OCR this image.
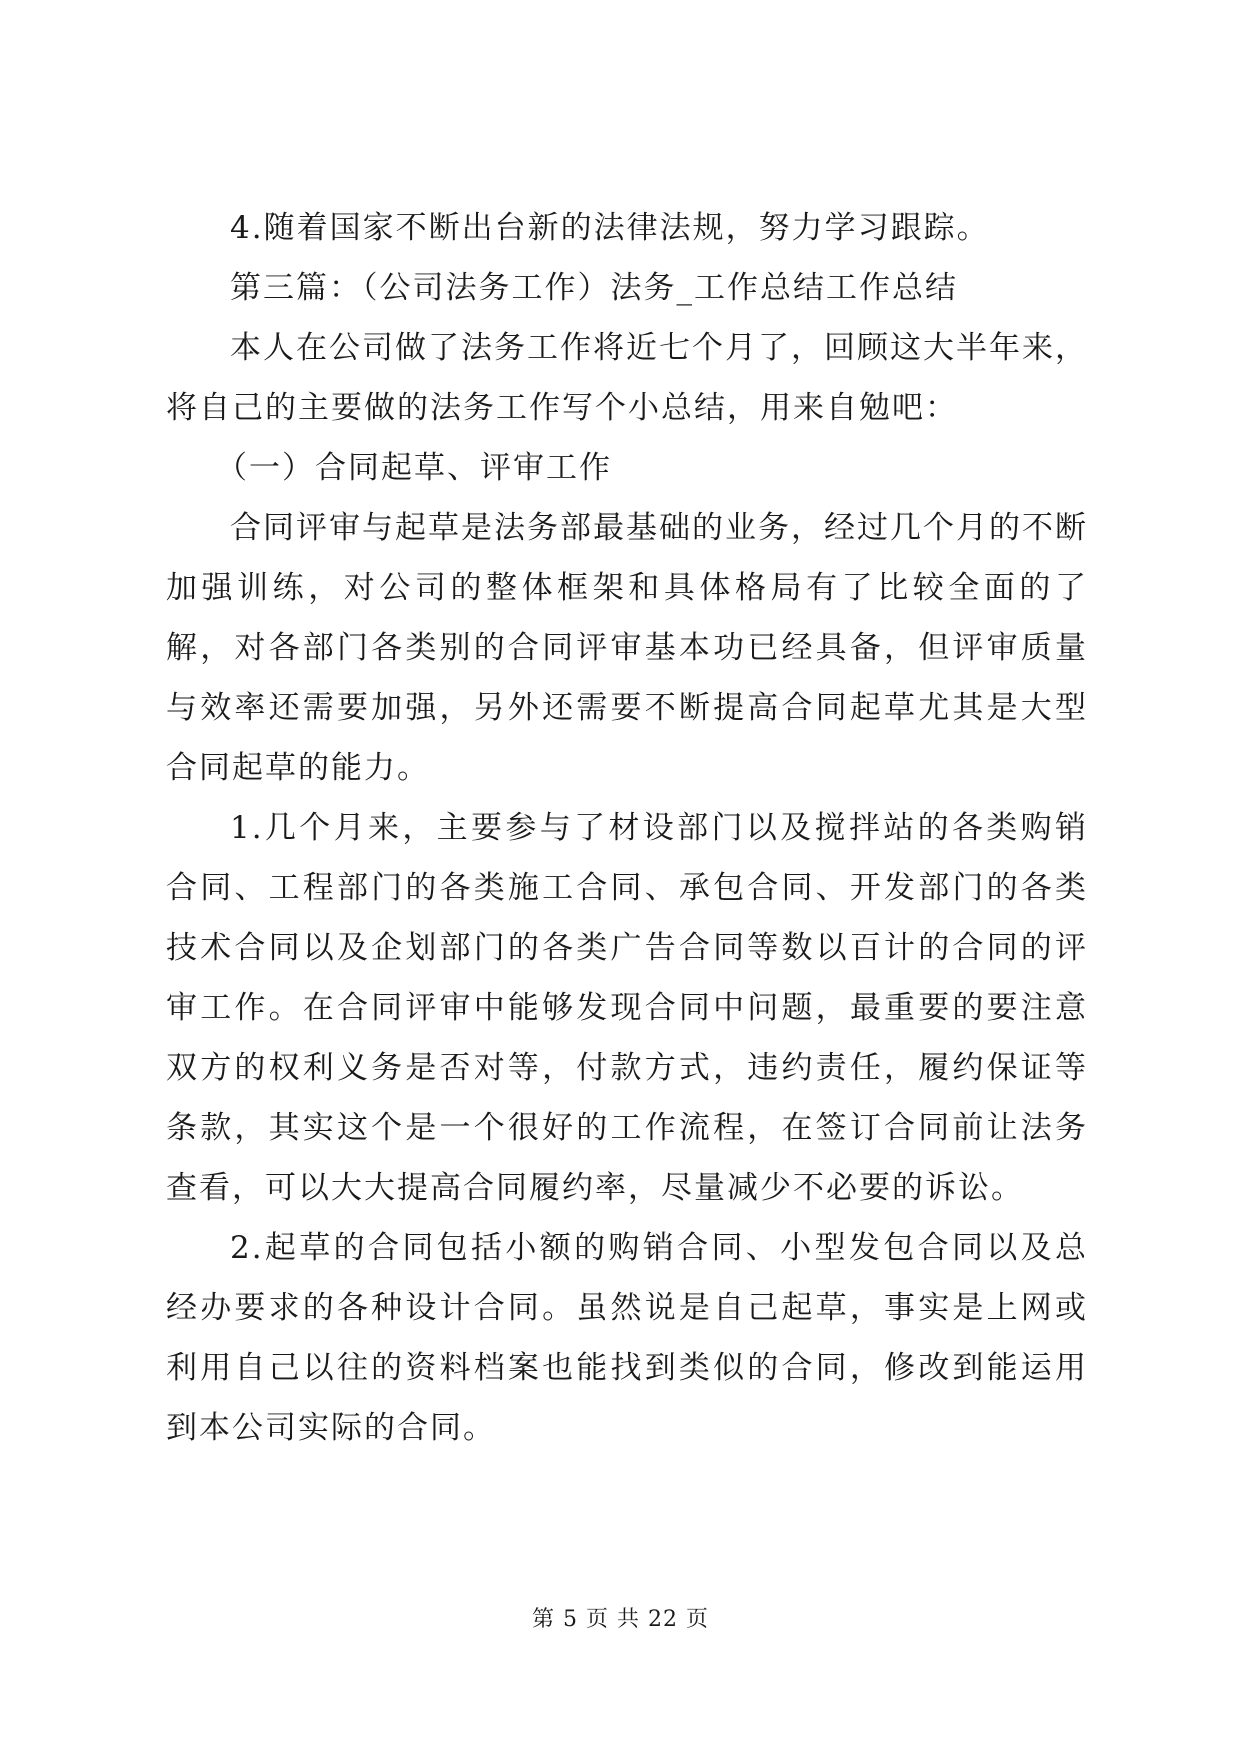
4.随着国家不断出台新的法律法规，努力学习跟踪。

第三篇：（公司法务工作）法务_工作总结工作总结

本人在公司做了法务工作将近七个月了，回顾这大半年来，将自己的主要做的法务工作写个小总结，用来自勉吧：

（一）合同起草、评审工作

合同评审与起草是法务部最基础的业务，经过几个月的不断加强训练，对公司的整体框架和具体格局有了比较全面的了解，对各部门各类别的合同评审基本功已经具备，但评审质量与效率还需要加强，另外还需要不断提高合同起草尤其是大型合同起草的能力。

1.几个月来，主要参与了材设部门以及搅拌站的各类购销合同、工程部门的各类施工合同、承包合同、开发部门的各类技术合同以及企划部门的各类广告合同等数以百计的合同的评审工作。在合同评审中能够发现合同中问题，最重要的要注意双方的权利义务是否对等，付款方式，违约责任，履约保证等条款，其实这个是一个很好的工作流程，在签订合同前让法务查看，可以大大提高合同履约率，尽量减少不必要的诉讼。

2.起草的合同包括小额的购销合同、小型发包合同以及总经办要求的各种设计合同。虽然说是自己起草，事实是上网或利用自己以往的资料档案也能找到类似的合同，修改到能运用到本公司实际的合同。

第 5 页 共 22 页
